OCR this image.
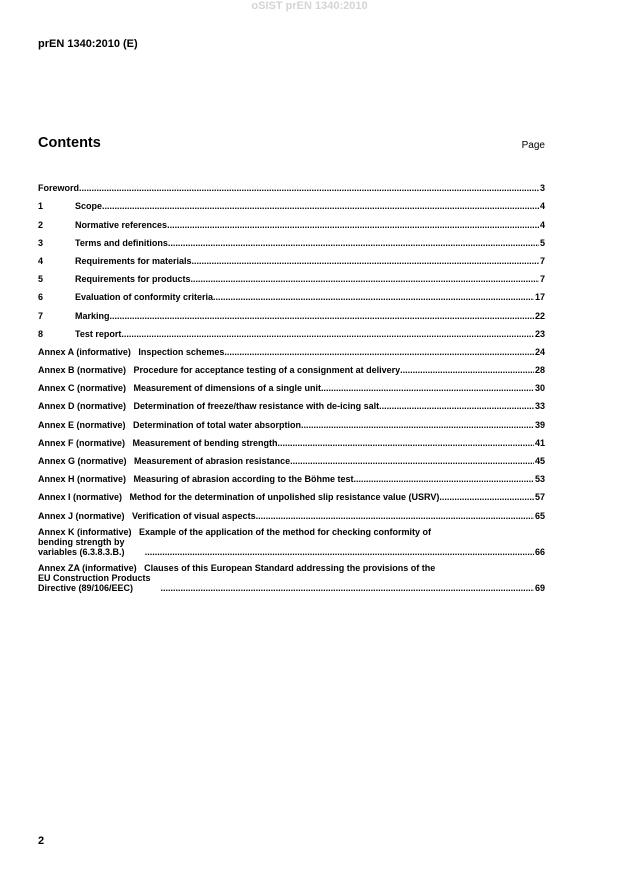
oSIST prEN 1340:2010
prEN 1340:2010 (E)
Contents	Page
Foreword .....	3
1	Scope .....	4
2	Normative references .....	4
3	Terms and definitions .....	5
4	Requirements for materials .....	7
5	Requirements for products .....	7
6	Evaluation of conformity criteria .....	17
7	Marking .....	22
8	Test report .....	23
Annex A (informative)   Inspection schemes .....	24
Annex B (normative)   Procedure for acceptance testing of a consignment at delivery .....	28
Annex C (normative)   Measurement of dimensions of a single unit .....	30
Annex D (normative)   Determination of freeze/thaw resistance with de-icing salt .....	33
Annex E (normative)   Determination of total water absorption .....	39
Annex F (normative)   Measurement of bending strength .....	41
Annex G (normative)   Measurement of abrasion resistance .....	45
Annex H (normative)   Measuring of abrasion according to the Böhme test .....	53
Annex I (normative)   Method for the determination of unpolished slip resistance value (USRV) .....	57
Annex J (normative)   Verification of visual aspects .....	65
Annex K (informative)   Example of the application of the method for checking conformity of
bending strength by variables (6.3.8.3.B.) .....	66
Annex ZA (informative)   Clauses of this European Standard addressing the provisions of the
EU Construction Products Directive (89/106/EEC) .....	69
2
